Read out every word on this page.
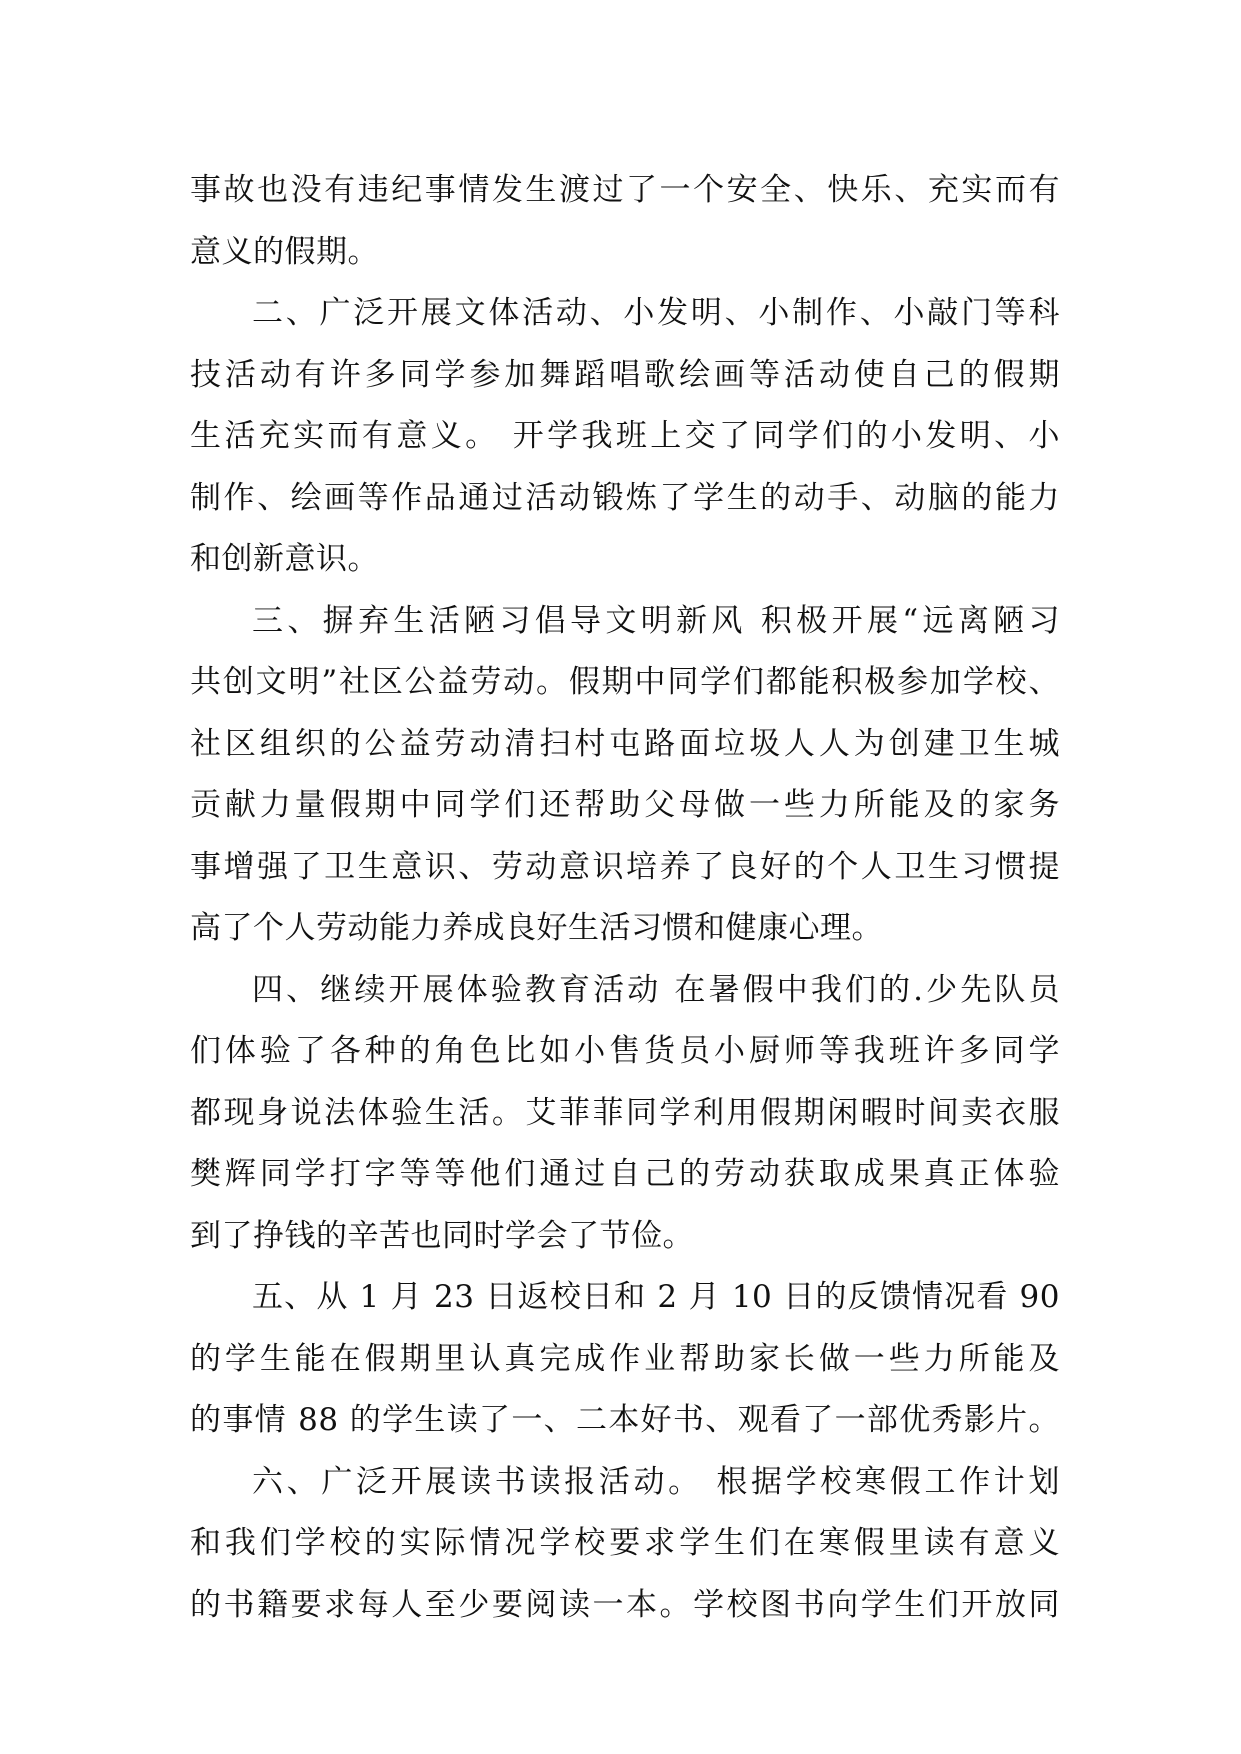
事故也没有违纪事情发生渡过了一个安全、快乐、充实而有
意义的假期。
二、广泛开展文体活动、小发明、小制作、小敲门等科
技活动有许多同学参加舞蹈唱歌绘画等活动使自己的假期
生活充实而有意义。 开学我班上交了同学们的小发明、小
制作、绘画等作品通过活动锻炼了学生的动手、动脑的能力
和创新意识。
三、摒弃生活陋习倡导文明新风 积极开展“远离陋习
共创文明”社区公益劳动。假期中同学们都能积极参加学校、
社区组织的公益劳动清扫村屯路面垃圾人人为创建卫生城
贡献力量假期中同学们还帮助父母做一些力所能及的家务
事增强了卫生意识、劳动意识培养了良好的个人卫生习惯提
高了个人劳动能力养成良好生活习惯和健康心理。
四、继续开展体验教育活动 在暑假中我们的.少先队员
们体验了各种的角色比如小售货员小厨师等我班许多同学
都现身说法体验生活。艾菲菲同学利用假期闲暇时间卖衣服
樊辉同学打字等等他们通过自己的劳动获取成果真正体验
到了挣钱的辛苦也同时学会了节俭。
五、从 1 月 23 日返校日和 2 月 10 日的反馈情况看 90
的学生能在假期里认真完成作业帮助家长做一些力所能及
的事情 88 的学生读了一、二本好书、观看了一部优秀影片。
六、广泛开展读书读报活动。 根据学校寒假工作计划
和我们学校的实际情况学校要求学生们在寒假里读有意义
的书籍要求每人至少要阅读一本。学校图书向学生们开放同
